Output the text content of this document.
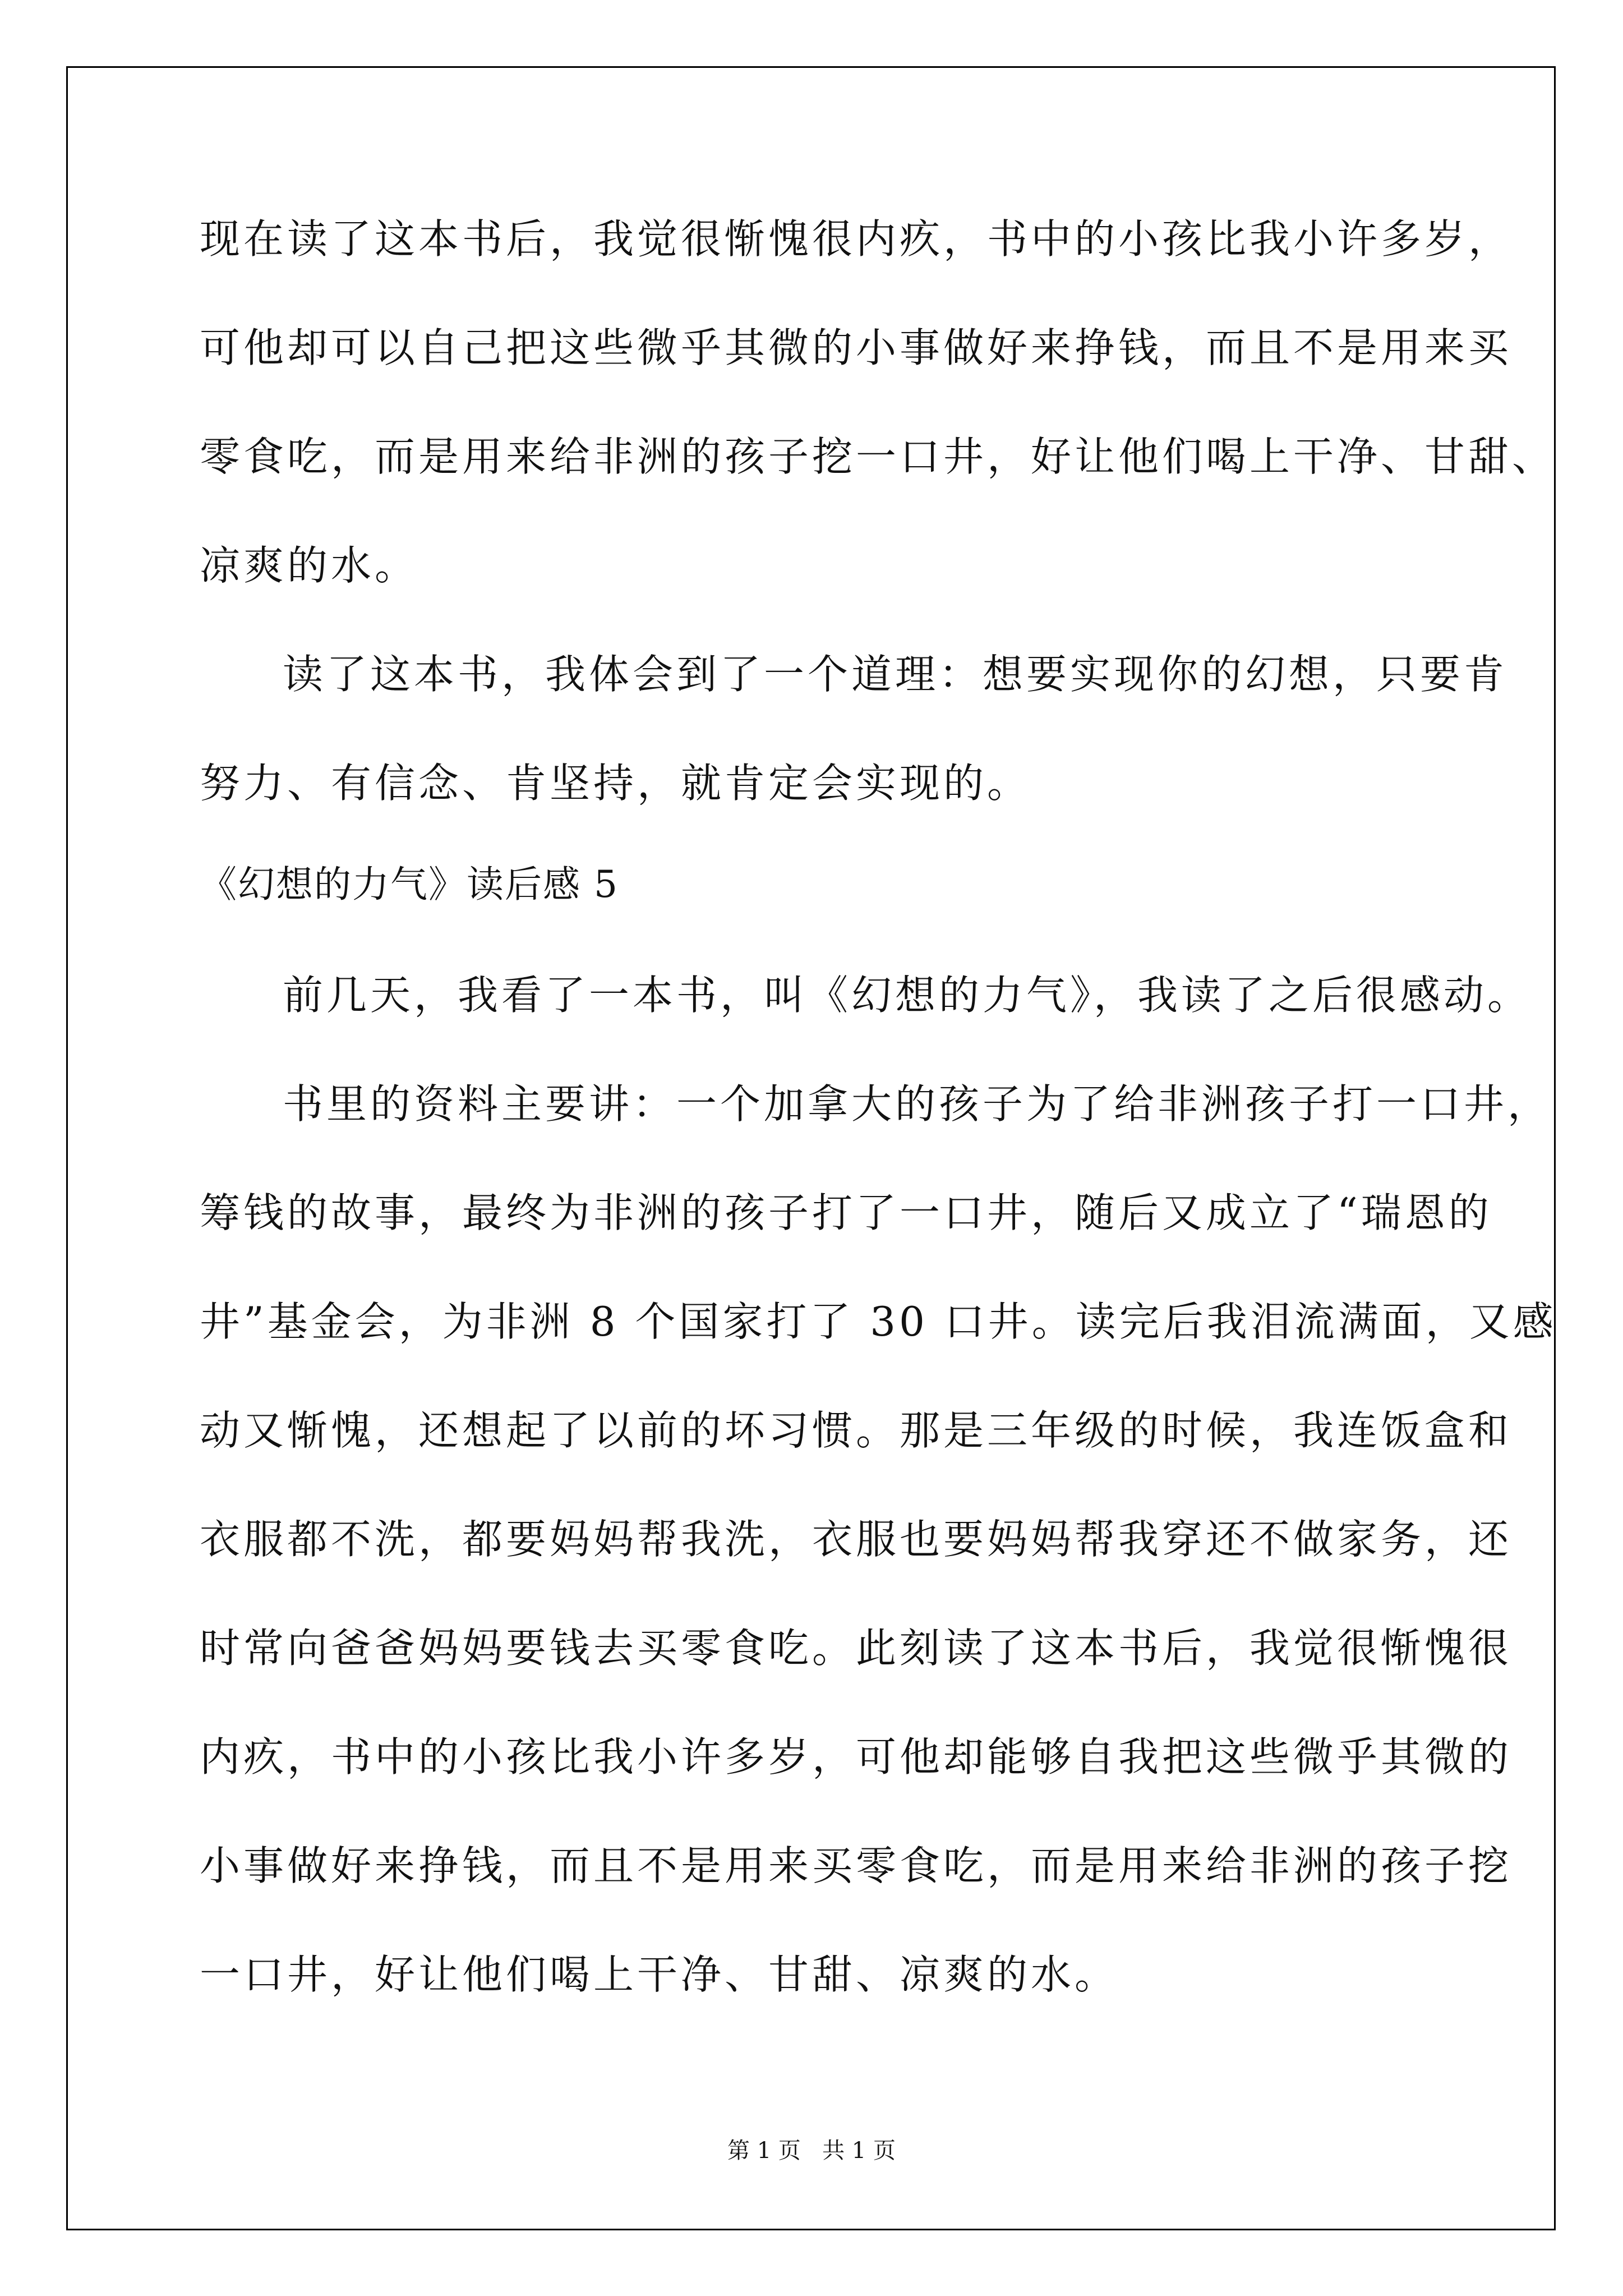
现在读了这本书后，我觉很惭愧很内疚，书中的小孩比我小许多岁，
可他却可以自己把这些微乎其微的小事做好来挣钱，而且不是用来买
零食吃，而是用来给非洲的孩子挖一口井，好让他们喝上干净、甘甜、
凉爽的水。
读了这本书，我体会到了一个道理：想要实现你的幻想，只要肯
努力、有信念、肯坚持，就肯定会实现的。
《幻想的力气》读后感 5
前几天，我看了一本书，叫《幻想的力气》，我读了之后很感动。
书里的资料主要讲：一个加拿大的孩子为了给非洲孩子打一口井，
筹钱的故事，最终为非洲的孩子打了一口井，随后又成立了“瑞恩的
井”基金会，为非洲 8 个国家打了 30 口井。读完后我泪流满面，又感
动又惭愧，还想起了以前的坏习惯。那是三年级的时候，我连饭盒和
衣服都不洗，都要妈妈帮我洗，衣服也要妈妈帮我穿还不做家务，还
时常向爸爸妈妈要钱去买零食吃。此刻读了这本书后，我觉很惭愧很
内疚，书中的小孩比我小许多岁，可他却能够自我把这些微乎其微的
小事做好来挣钱，而且不是用来买零食吃，而是用来给非洲的孩子挖
一口井，好让他们喝上干净、甘甜、凉爽的水。
第 1 页   共 1 页
